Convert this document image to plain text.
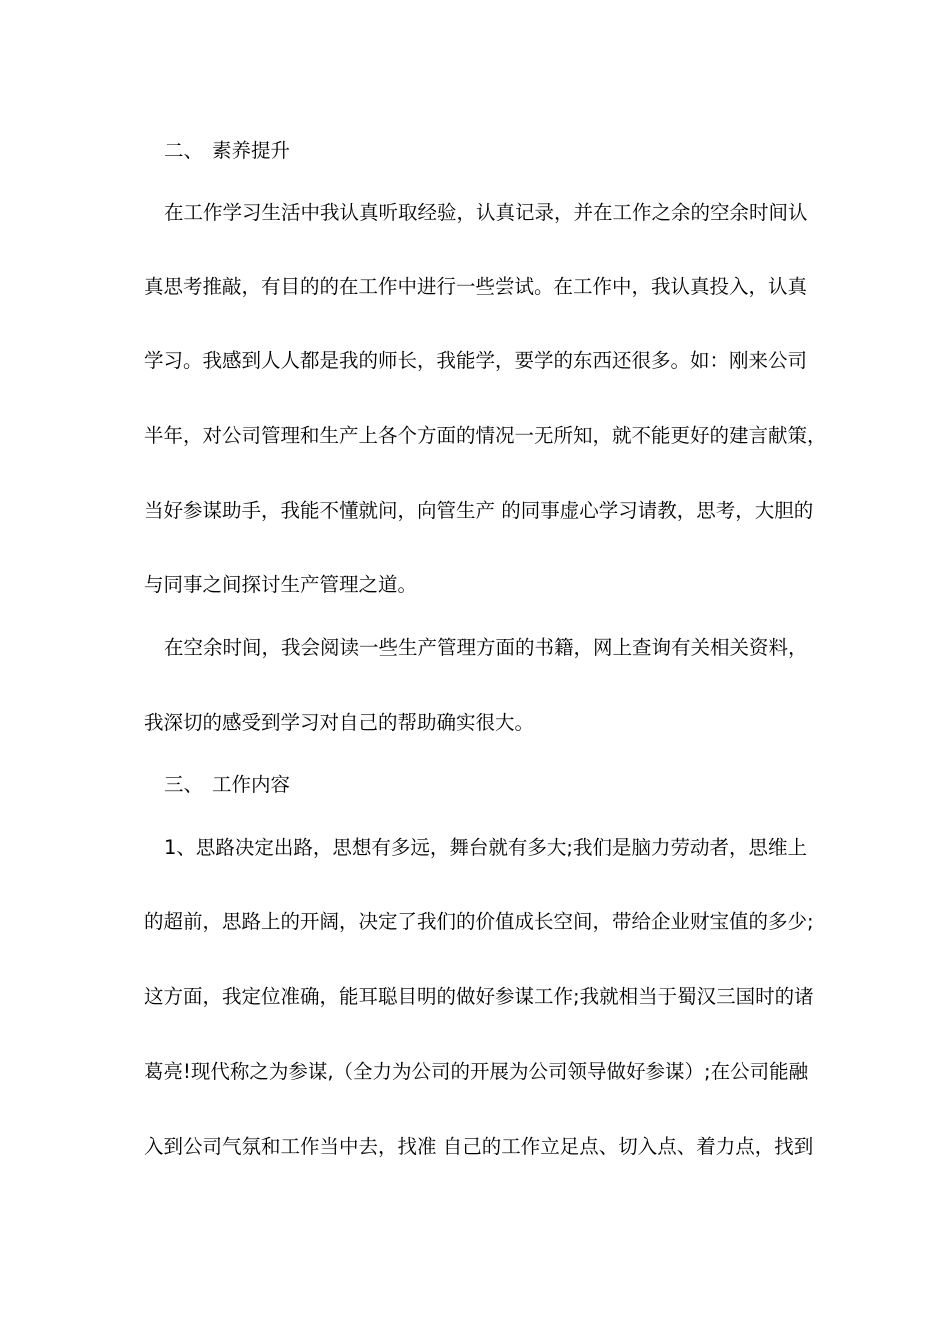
二、 素养提升
在工作学习生活中我认真听取经验，认真记录，并在工作之余的空余时间认
真思考推敲，有目的的在工作中进行一些尝试。在工作中，我认真投入，认真
学习。我感到人人都是我的师长，我能学，要学的东西还很多。如：刚来公司
半年，对公司管理和生产上各个方面的情况一无所知，就不能更好的建言献策，
当好参谋助手，我能不懂就问，向管生产 的同事虚心学习请教，思考，大胆的
与同事之间探讨生产管理之道。
在空余时间，我会阅读一些生产管理方面的书籍，网上查询有关相关资料，
我深切的感受到学习对自己的帮助确实很大。
三、 工作内容
1、思路决定出路，思想有多远，舞台就有多大;我们是脑力劳动者，思维上
的超前，思路上的开阔，决定了我们的价值成长空间，带给企业财宝值的多少;
这方面，我定位准确，能耳聪目明的做好参谋工作;我就相当于蜀汉三国时的诸
葛亮!现代称之为参谋,（全力为公司的开展为公司领导做好参谋）;在公司能融
入到公司气氛和工作当中去，找准 自己的工作立足点、切入点、着力点，找到
